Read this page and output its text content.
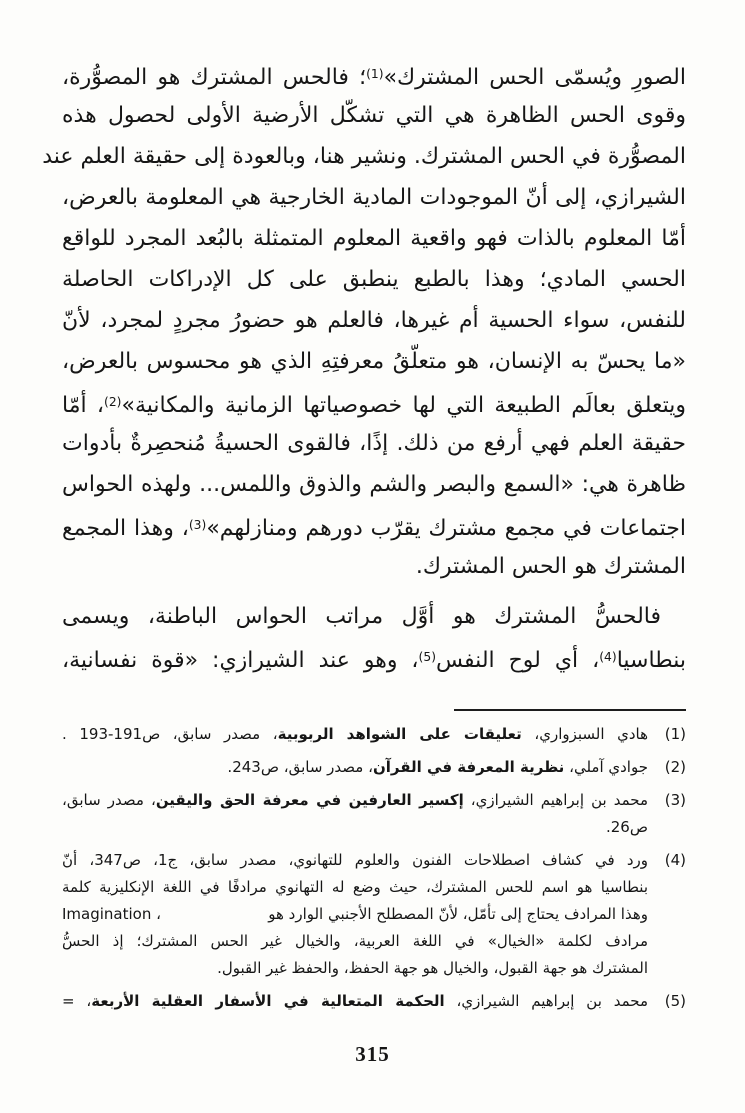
الصورِ ويُسمّى الحس المشترك»$^{(1)}$؛ فالحس المشترك هو المصوُّرة،
وقوى الحس الظاهرة هي التي تشكّل الأرضية الأولى لحصول هذه
المصوُّرة في الحس المشترك. ونشير هنا، وبالعودة إلى حقيقة العلم عند
الشيرازي، إلى أنّ الموجودات المادية الخارجية هي المعلومة بالعرض،
أمّا المعلوم بالذات فهو واقعية المعلوم المتمثلة بالبُعد المجرد للواقع
الحسي المادي؛ وهذا بالطبع ينطبق على كل الإدراكات الحاصلة
للنفس، سواء الحسية أم غيرها، فالعلم هو حضورُ مجردٍ لمجرد، لأنّ
«ما يحسّ به الإنسان، هو متعلّقُ معرفتِهِ الذي هو محسوس بالعرض،
ويتعلق بعالَم الطبيعة التي لها خصوصياتها الزمانية والمكانية»$^{(2)}$، أمّا
حقيقة العلم فهي أرفع من ذلك. إذًا، فالقوى الحسيةُ مُنحصِرةٌ بأدوات
ظاهرة هي: «السمع والبصر والشم والذوق واللمس... ولهذه الحواس
اجتماعات في مجمع مشترك يقرّب دورهم ومنازلهم»$^{(3)}$، وهذا المجمع
المشترك هو الحس المشترك.
فالحسُّ المشترك هو أوَّل مراتب الحواس الباطنة، ويسمى
بنطاسيا$^{(4)}$، أي لوح النفس$^{(5)}$، وهو عند الشيرازي: «قوة نفسانية،
(1)
هادي السبزواري، تعليقات على الشواهد الربوبية، مصدر سابق، ص191‏-‏193 .
(2)
جوادي آملي، نظرية المعرفة في القرآن، مصدر سابق، ص243.
(3)
محمد بن إبراهيم الشيرازي، إكسير العارفين في معرفة الحق واليقين، مصدر سابق،
ص26.
(4)
ورد في كشاف اصطلاحات الفنون والعلوم للتهانوي، مصدر سابق، ج1، ص347، أنّ
بنطاسيا هو اسم للحس المشترك، حيث وضع له التهانوي مرادفًا في اللغة الإنكليزية كلمة
وهذا المرادف يحتاج إلى تأمّل، لأنّ المصطلح الأجنبي الوارد هو
Imagination ،
مرادف لكلمة «الخيال» في اللغة العربية، والخيال غير الحس المشترك؛ إذ الحسُّ
المشترك هو جهة القبول، والخيال هو جهة الحفظ، والحفظ غير القبول.
(5)
محمد بن إبراهيم الشيرازي، الحكمة المتعالية في الأسفار العقلية الأربعة، =
315
